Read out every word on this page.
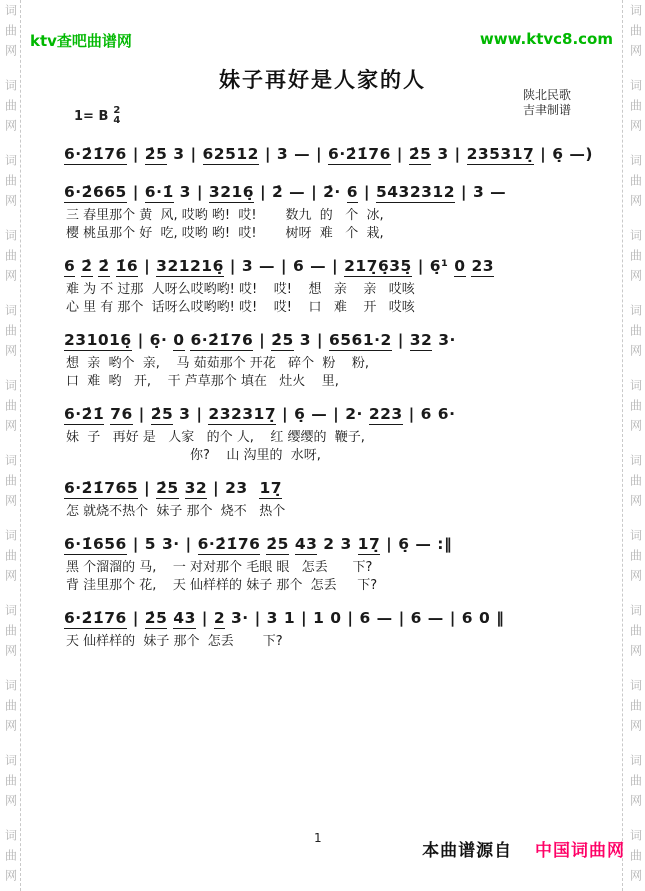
词曲网
词曲网
词曲网
词曲网
词曲网
词曲网
词曲网
词曲网
词曲网
词曲网
词曲网
词曲网
词曲网
词曲网
词曲网
词曲网
词曲网
词曲网
词曲网
词曲网
词曲网
词曲网
词曲网
词曲网
ktv查吧曲谱网	www.ktvc8.com
妹子再好是人家的人
1= B 2
4
陕北民歌
吉聿制谱
6·2̇1̇76 | 2̇5 3 | 62512 | 3 — | 6·2̇1̇76 | 2̇5 3 | 235317̣ | 6̣ —)
6·2̇665 | 6·1̇ 3 | 3216̣ | 2̇ — | 2̇· 6 | 5432312 | 3 —
三 春里那个 黄  风, 哎哟 哟!  哎!       数九  的   个  冰,
樱 桃虽那个 好  吃, 哎哟 哟!  哎!       树呀  难   个  栽,
6 2̇ 2̇ 1̇6 | 321216̣ | 3 — | 6 — | 217̣6̣35̣ | 6̣¹ 0 23
难 为 不 过那  人呀么哎哟哟! 哎!    哎!    想   亲    亲   哎咳
心 里 有 那个  话呀么哎哟哟! 哎!    哎!    口   难    开   哎咳
231016̣ | 6̣· 0 6·2̇1̇76 | 2̇5 3 | 6561·2 | 32 3·
想  亲  哟个  亲,    马 茹茹那个 开花   碎个  粉    粉,
口  难  哟   开,    干 芦草那个 填在   灶火    里,
6·2̇1̇ 76 | 2̇5 3 | 232317̣ | 6̣ — | 2· 223 | 6 6·
妹  子   再好 是   人家   的个 人,    红 缨缨的  鞭子,
你?    山 沟里的  水呀,
6·2̇1̇765 | 2̇5 32 | 23  17̣
怎 就烧不热个  妹子 那个  烧不   热个
6·1̇656 | 5 3· | 6·2̇1̇76 2̇5 43 2 3 17̣ | 6̣ — :‖
黑 个溜溜的 马,    一 对对那个 毛眼 眼   怎丢      下?
背 洼里那个 花,    天 仙样样的 妹子 那个  怎丢     下?
6·2̇1̇76 | 2̇5 43 | 2 3· | 3 1 | 1 0 | 6 — | 6 — | 6 0 ‖
天 仙样样的  妹子 那个  怎丢       下?
1
本曲谱源自 中国词曲网
